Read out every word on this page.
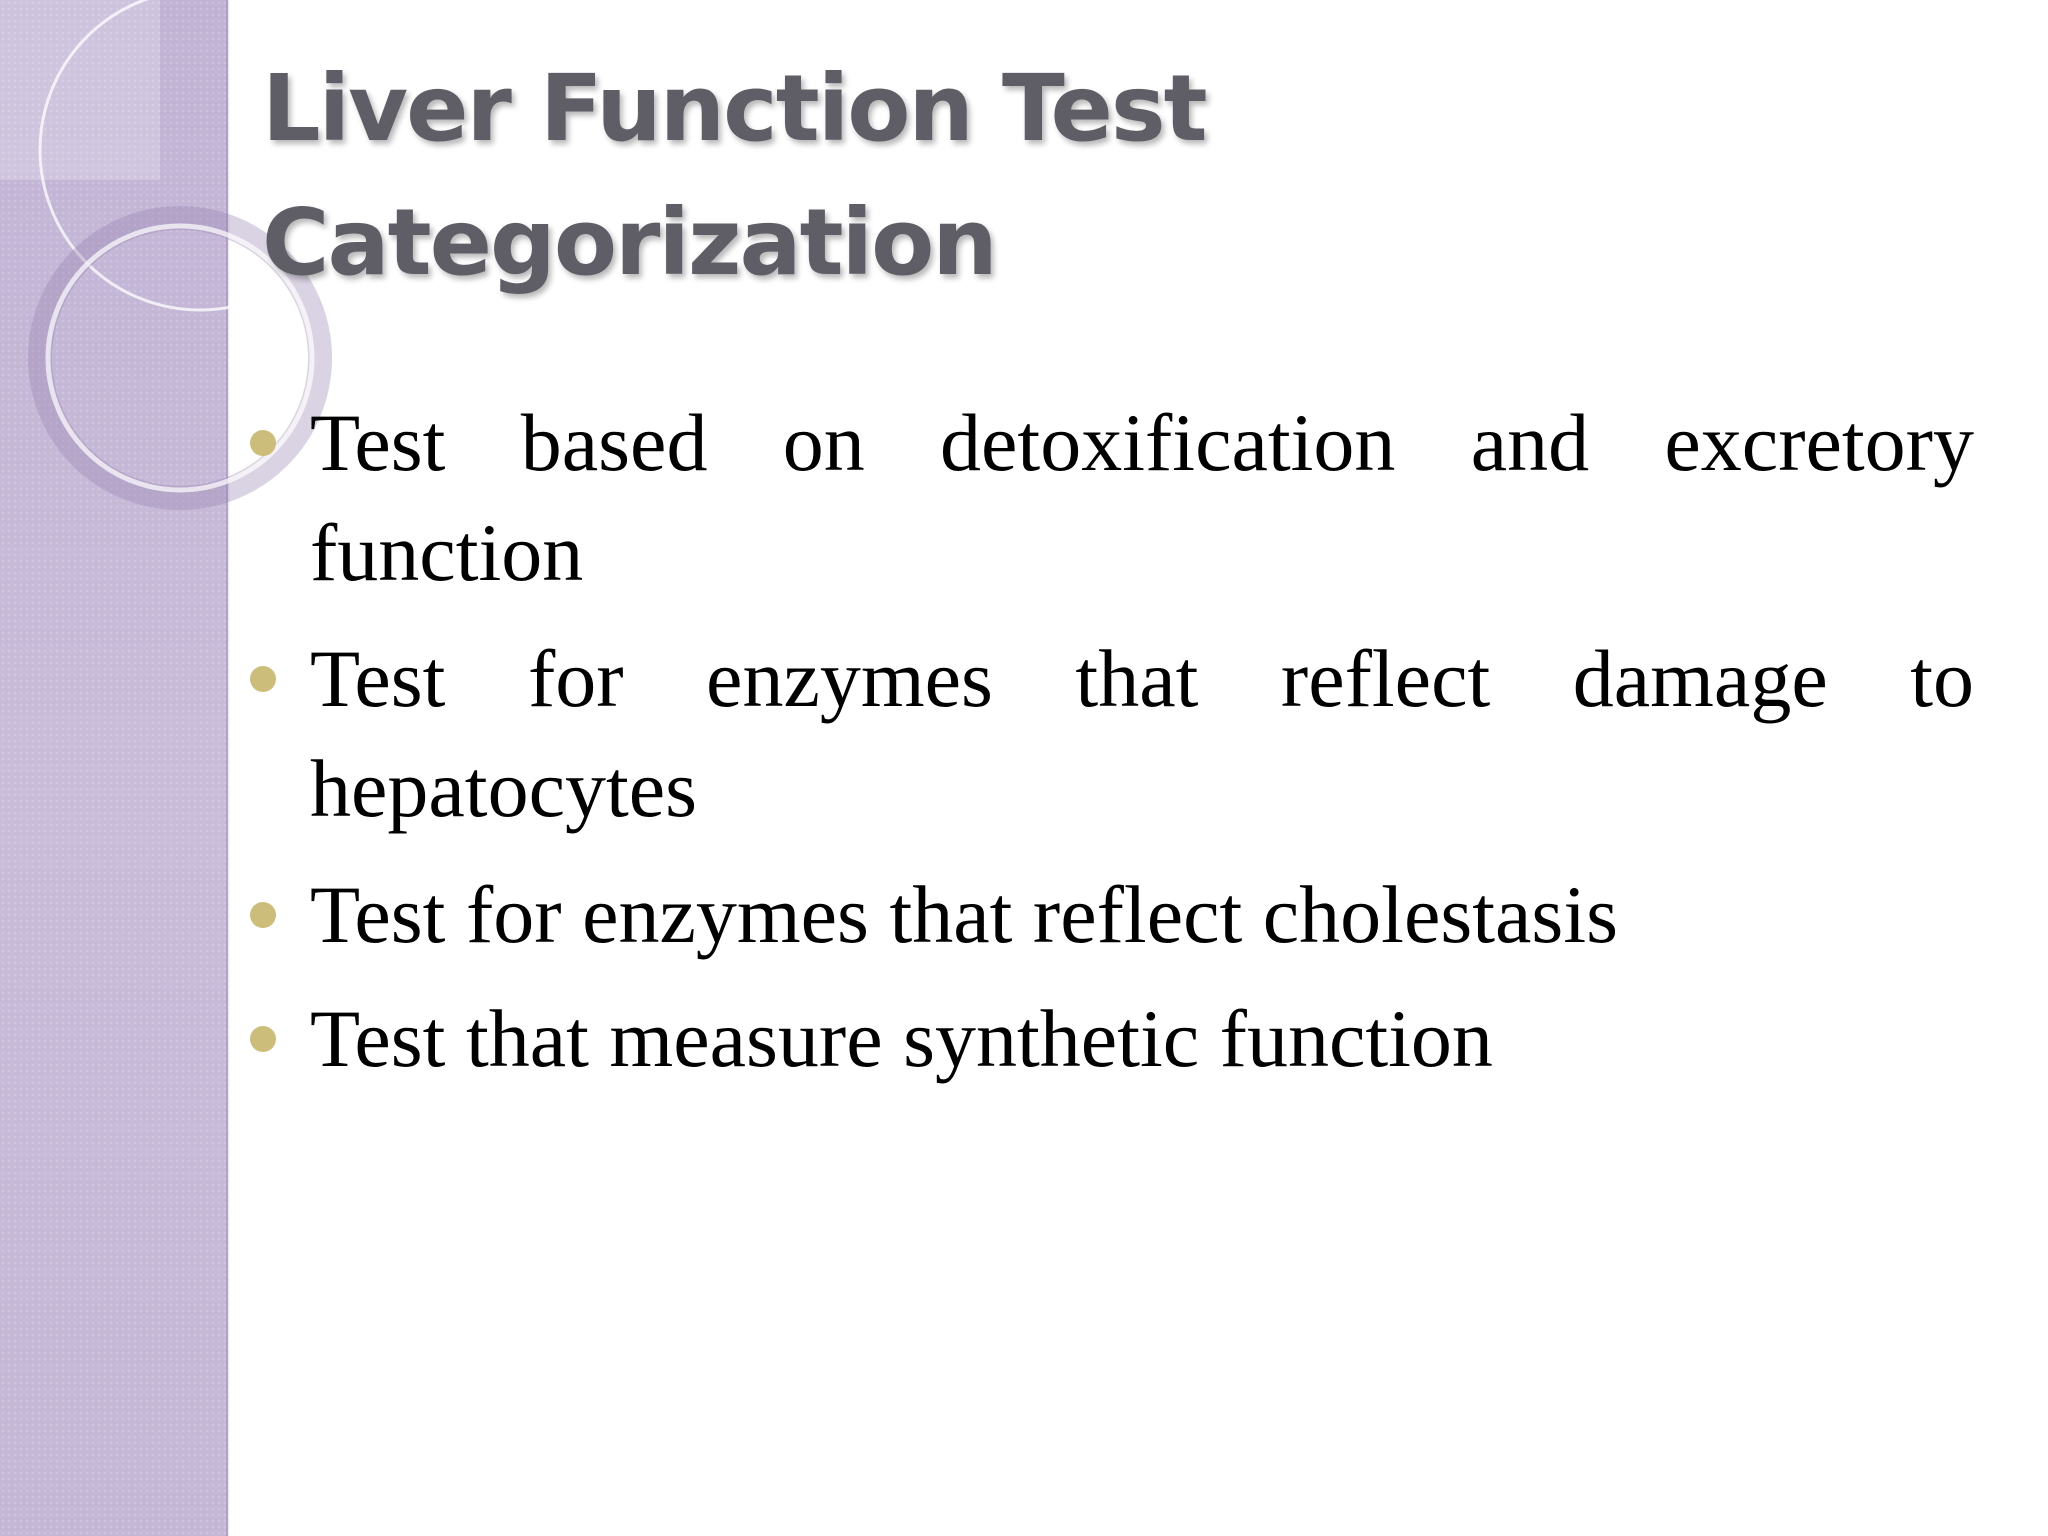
Liver Function Test
Categorization
Test based on detoxification and excretory function
Test for enzymes that reflect damage to hepatocytes
Test for enzymes that reflect cholestasis
Test that measure synthetic function
